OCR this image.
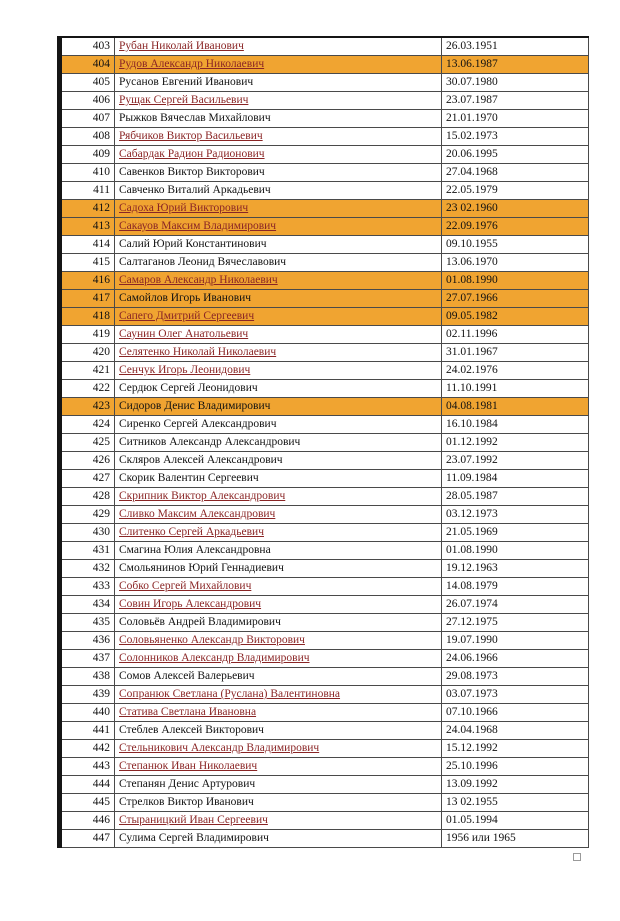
403	Рубан Николай Иванович	26.03.1951
404	Рудов Александр Николаевич	13.06.1987
405	Русанов Евгений Иванович	30.07.1980
406	Рущак Сергей Васильевич	23.07.1987
407	Рыжков Вячеслав Михайлович	21.01.1970
408	Рябчиков Виктор Васильевич	15.02.1973
409	Сабардак Радион Радионович	20.06.1995
410	Савенков Виктор Викторович	27.04.1968
411	Савченко Виталий Аркадьевич	22.05.1979
412	Садоха Юрий Викторович	23 02.1960
413	Сакауов Максим Владимирович	22.09.1976
414	Салий Юрий Константинович	09.10.1955
415	Салтаганов Леонид Вячеславович	13.06.1970
416	Самаров Александр Николаевич	01.08.1990
417	Самойлов Игорь Иванович	27.07.1966
418	Сапего Дмитрий Сергеевич	09.05.1982
419	Саунин Олег Анатольевич	02.11.1996
420	Селятенко Николай Николаевич	31.01.1967
421	Сенчук Игорь Леонидович	24.02.1976
422	Сердюк Сергей Леонидович	11.10.1991
423	Сидоров Денис Владимирович	04.08.1981
424	Сиренко Сергей Александрович	16.10.1984
425	Ситников Александр Александрович	01.12.1992
426	Скляров Алексей Александрович	23.07.1992
427	Скорик Валентин Сергеевич	11.09.1984
428	Скрипник Виктор Александрович	28.05.1987
429	Сливко Максим Александрович	03.12.1973
430	Слитенко Сергей Аркадьевич	21.05.1969
431	Смагина Юлия Александровна	01.08.1990
432	Смольянинов Юрий Геннадиевич	19.12.1963
433	Собко Сергей Михайлович	14.08.1979
434	Совин Игорь Александрович	26.07.1974
435	Соловьёв Андрей Владимирович	27.12.1975
436	Соловьяненко Александр Викторович	19.07.1990
437	Солонников Александр Владимирович	24.06.1966
438	Сомов Алексей Валерьевич	29.08.1973
439	Сопранюк Светлана (Руслана) Валентиновна	03.07.1973
440	Статива Светлана Ивановна	07.10.1966
441	Стеблев Алексей Викторович	24.04.1968
442	Стельникович Александр Владимирович	15.12.1992
443	Степанюк Иван Николаевич	25.10.1996
444	Степанян Денис Артурович	13.09.1992
445	Стрелков Виктор Иванович	13 02.1955
446	Стыраницкий Иван Сергеевич	01.05.1994
447	Сулима Сергей Владимирович	1956 или 1965
